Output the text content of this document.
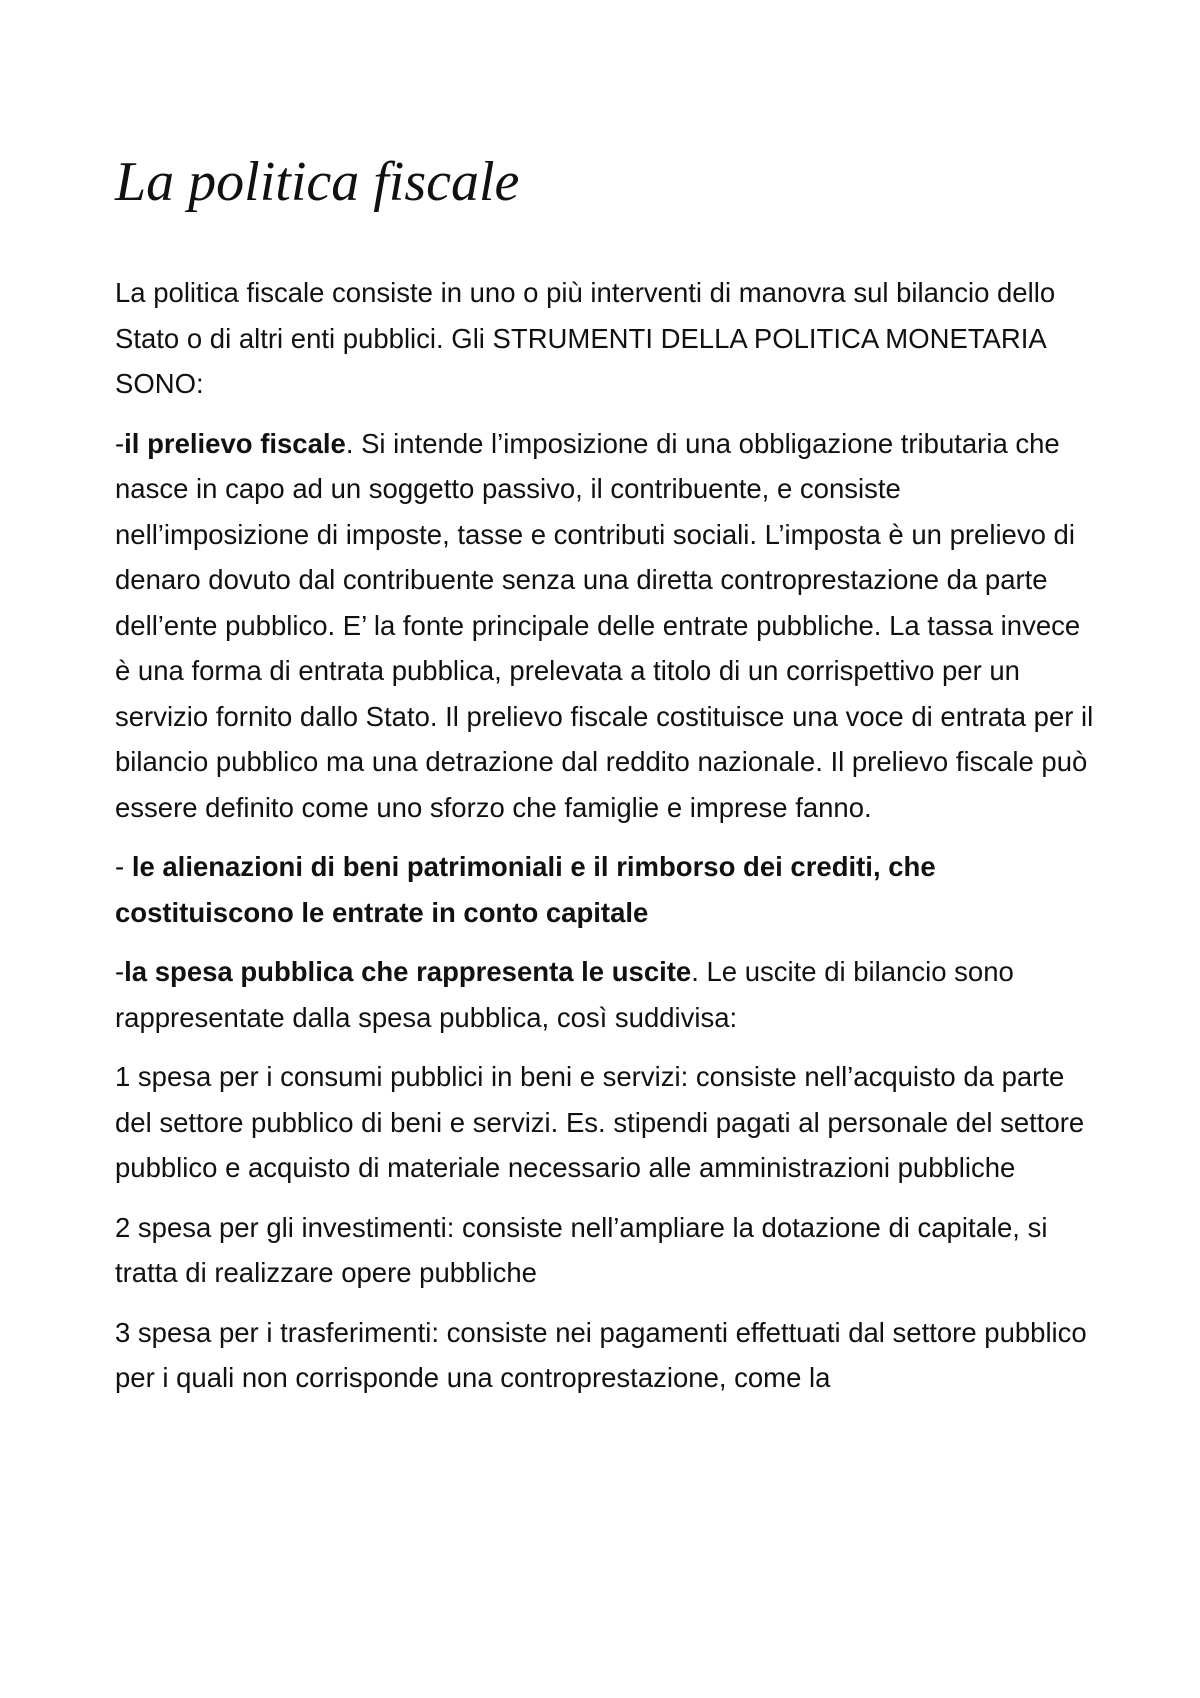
La politica fiscale

La politica fiscale consiste in uno o più interventi di manovra sul bilancio dello Stato o di altri enti pubblici. Gli STRUMENTI DELLA POLITICA MONETARIA SONO:

-il prelievo fiscale. Si intende l’imposizione di una obbligazione tributaria che nasce in capo ad un soggetto passivo, il contribuente, e consiste nell’imposizione di imposte, tasse e contributi sociali. L’imposta è un prelievo di denaro dovuto dal contribuente senza una diretta controprestazione da parte dell’ente pubblico. E’ la fonte principale delle entrate pubbliche. La tassa invece è una forma di entrata pubblica, prelevata a titolo di un corrispettivo per un servizio fornito dallo Stato. Il prelievo fiscale costituisce una voce di entrata per il bilancio pubblico ma una detrazione dal reddito nazionale. Il prelievo fiscale può essere definito come uno sforzo che famiglie e imprese fanno.

- le alienazioni di beni patrimoniali e il rimborso dei crediti, che costituiscono le entrate in conto capitale

-la spesa pubblica che rappresenta le uscite. Le uscite di bilancio sono rappresentate dalla spesa pubblica, così suddivisa:

1 spesa per i consumi pubblici in beni e servizi: consiste nell’acquisto da parte del settore pubblico di beni e servizi. Es. stipendi pagati al personale del settore pubblico e acquisto di materiale necessario alle amministrazioni pubbliche

2 spesa per gli investimenti: consiste nell’ampliare la dotazione di capitale, si tratta di realizzare opere pubbliche

3 spesa per i trasferimenti: consiste nei pagamenti effettuati dal settore pubblico per i quali non corrisponde una controprestazione, come la
